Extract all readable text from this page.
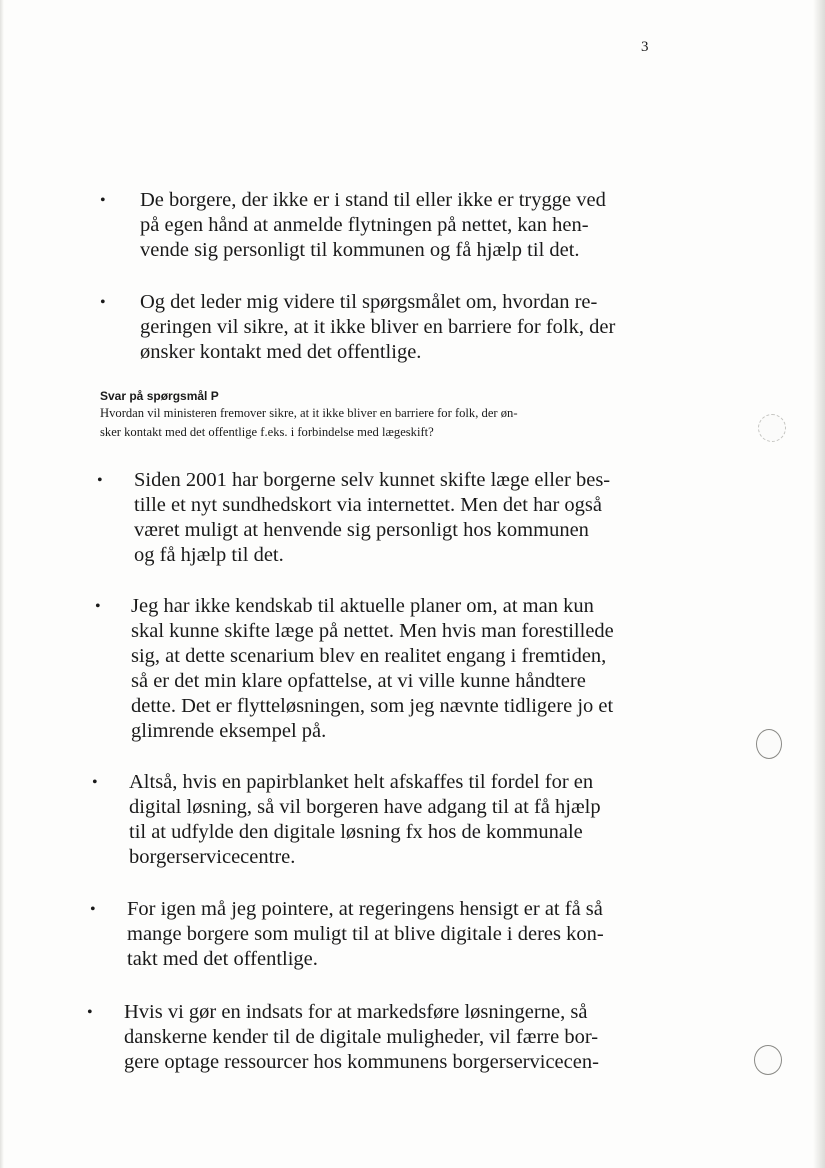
3
• De borgere, der ikke er i stand til eller ikke er trygge ved
på egen hånd at anmelde flytningen på nettet, kan hen-
vende sig personligt til kommunen og få hjælp til det.
• Og det leder mig videre til spørgsmålet om, hvordan re-
geringen vil sikre, at it ikke bliver en barriere for folk, der
ønsker kontakt med det offentlige.
Svar på spørgsmål P
Hvordan vil ministeren fremover sikre, at it ikke bliver en barriere for folk, der øn-
sker kontakt med det offentlige f.eks. i forbindelse med lægeskift?
• Siden 2001 har borgerne selv kunnet skifte læge eller bes-
tille et nyt sundhedskort via internettet. Men det har også
været muligt at henvende sig personligt hos kommunen
og få hjælp til det.
• Jeg har ikke kendskab til aktuelle planer om, at man kun
skal kunne skifte læge på nettet. Men hvis man forestillede
sig, at dette scenarium blev en realitet engang i fremtiden,
så er det min klare opfattelse, at vi ville kunne håndtere
dette. Det er flytteløsningen, som jeg nævnte tidligere jo et
glimrende eksempel på.
• Altså, hvis en papirblanket helt afskaffes til fordel for en
digital løsning, så vil borgeren have adgang til at få hjælp
til at udfylde den digitale løsning fx hos de kommunale
borgerservicecentre.
• For igen må jeg pointere, at regeringens hensigt er at få så
mange borgere som muligt til at blive digitale i deres kon-
takt med det offentlige.
• Hvis vi gør en indsats for at markedsføre løsningerne, så
danskerne kender til de digitale muligheder, vil færre bor-
gere optage ressourcer hos kommunens borgerservicecen-
